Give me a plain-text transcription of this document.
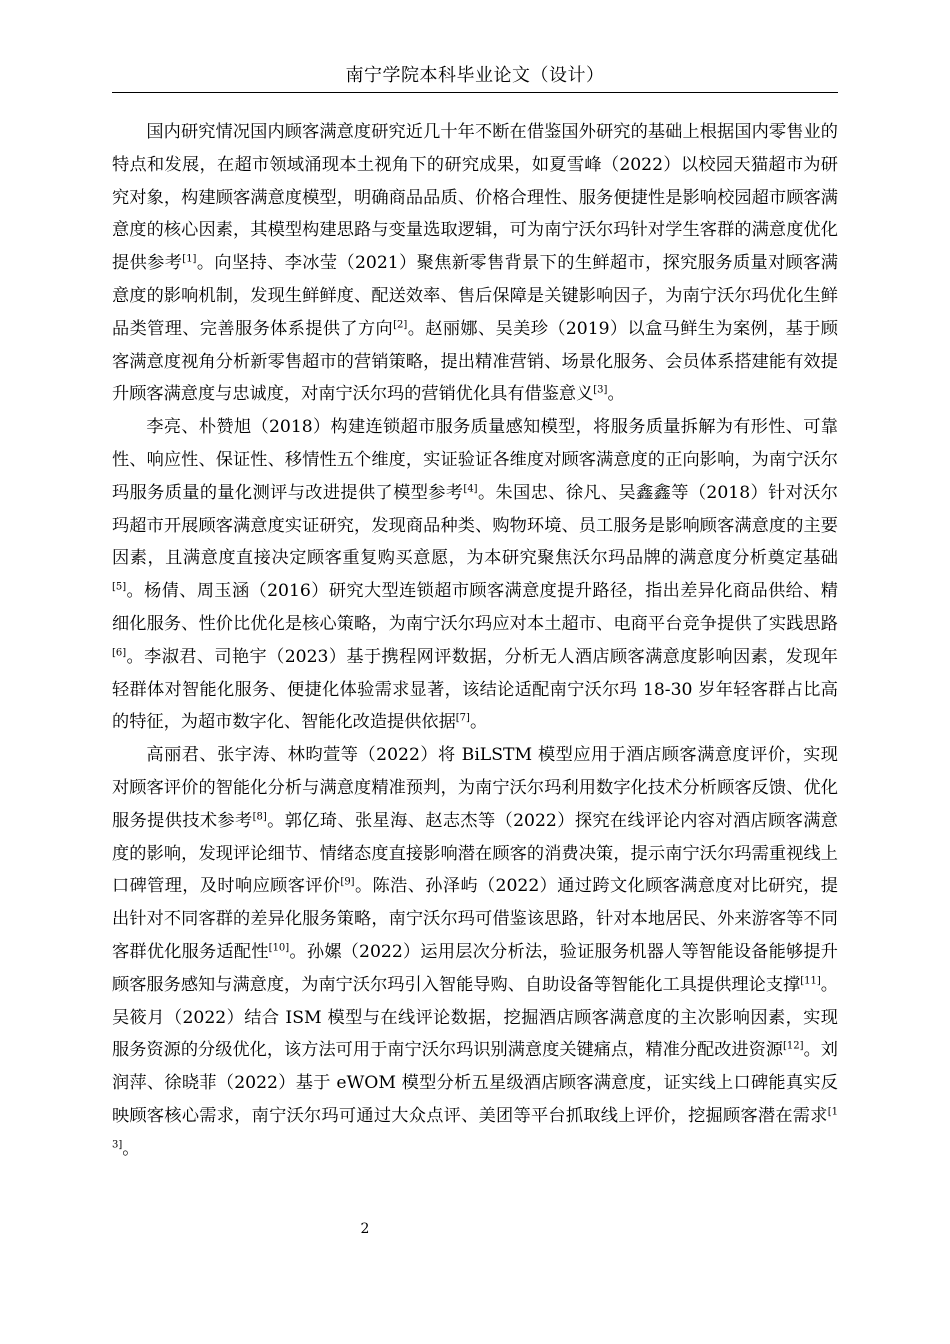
南宁学院本科毕业论文（设计）

国内研究情况国内顾客满意度研究近几十年不断在借鉴国外研究的基础上根据国内零售业的特点和发展，在超市领域涌现本土视角下的研究成果，如夏雪峰（2022）以校园天猫超市为研究对象，构建顾客满意度模型，明确商品品质、价格合理性、服务便捷性是影响校园超市顾客满意度的核心因素，其模型构建思路与变量选取逻辑，可为南宁沃尔玛针对学生客群的满意度优化提供参考[1]。向坚持、李冰莹（2021）聚焦新零售背景下的生鲜超市，探究服务质量对顾客满意度的影响机制，发现生鲜鲜度、配送效率、售后保障是关键影响因子，为南宁沃尔玛优化生鲜品类管理、完善服务体系提供了方向[2]。赵丽娜、吴美珍（2019）以盒马鲜生为案例，基于顾客满意度视角分析新零售超市的营销策略，提出精准营销、场景化服务、会员体系搭建能有效提升顾客满意度与忠诚度，对南宁沃尔玛的营销优化具有借鉴意义[3]。

李亮、朴赞旭（2018）构建连锁超市服务质量感知模型，将服务质量拆解为有形性、可靠性、响应性、保证性、移情性五个维度，实证验证各维度对顾客满意度的正向影响，为南宁沃尔玛服务质量的量化测评与改进提供了模型参考[4]。朱国忠、徐凡、吴鑫鑫等（2018）针对沃尔玛超市开展顾客满意度实证研究，发现商品种类、购物环境、员工服务是影响顾客满意度的主要因素，且满意度直接决定顾客重复购买意愿，为本研究聚焦沃尔玛品牌的满意度分析奠定基础[5]。杨倩、周玉涵（2016）研究大型连锁超市顾客满意度提升路径，指出差异化商品供给、精细化服务、性价比优化是核心策略，为南宁沃尔玛应对本土超市、电商平台竞争提供了实践思路[6]。李淑君、司艳宇（2023）基于携程网评数据，分析无人酒店顾客满意度影响因素，发现年轻群体对智能化服务、便捷化体验需求显著，该结论适配南宁沃尔玛 18-30 岁年轻客群占比高的特征，为超市数字化、智能化改造提供依据[7]。

高丽君、张宇涛、林昀萱等（2022）将 BiLSTM 模型应用于酒店顾客满意度评价，实现对顾客评价的智能化分析与满意度精准预判，为南宁沃尔玛利用数字化技术分析顾客反馈、优化服务提供技术参考[8]。郭亿琦、张星海、赵志杰等（2022）探究在线评论内容对酒店顾客满意度的影响，发现评论细节、情绪态度直接影响潜在顾客的消费决策，提示南宁沃尔玛需重视线上口碑管理，及时响应顾客评价[9]。陈浩、孙泽屿（2022）通过跨文化顾客满意度对比研究，提出针对不同客群的差异化服务策略，南宁沃尔玛可借鉴该思路，针对本地居民、外来游客等不同客群优化服务适配性[10]。孙嫘（2022）运用层次分析法，验证服务机器人等智能设备能够提升顾客服务感知与满意度，为南宁沃尔玛引入智能导购、自助设备等智能化工具提供理论支撑[11]。吴筱月（2022）结合 ISM 模型与在线评论数据，挖掘酒店顾客满意度的主次影响因素，实现服务资源的分级优化，该方法可用于南宁沃尔玛识别满意度关键痛点，精准分配改进资源[12]。刘润萍、徐晓菲（2022）基于 eWOM 模型分析五星级酒店顾客满意度，证实线上口碑能真实反映顾客核心需求，南宁沃尔玛可通过大众点评、美团等平台抓取线上评价，挖掘顾客潜在需求[13]。

2
